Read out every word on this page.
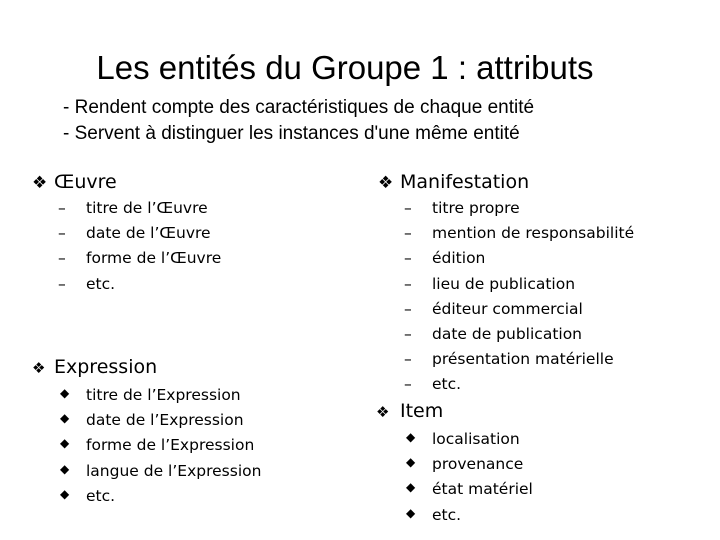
Les entités du Groupe 1 : attributs
- Rendent compte des caractéristiques de chaque entité
- Servent à distinguer les instances d'une même entité
❖ Œuvre
– titre de l’Œuvre
– date de l’Œuvre
– forme de l’Œuvre
– etc.
❖ Expression
◆ titre de l’Expression
◆ date de l’Expression
◆ forme de l’Expression
◆ langue de l’Expression
◆ etc.
❖ Manifestation
– titre propre
– mention de responsabilité
– édition
– lieu de publication
– éditeur commercial
– date de publication
– présentation matérielle
– etc.
❖ Item
◆ localisation
◆ provenance
◆ état matériel
◆ etc.
